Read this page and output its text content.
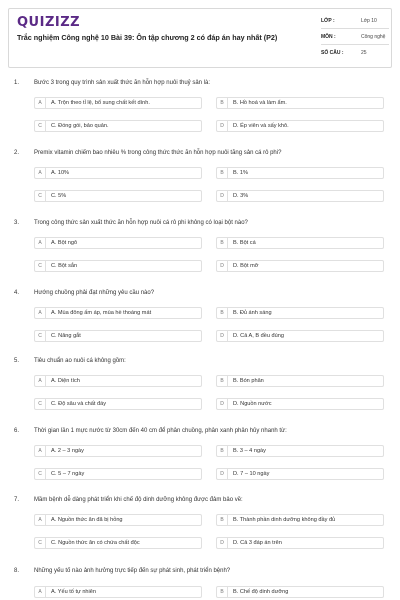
QUIZIZZ
Trắc nghiệm Công nghệ 10 Bài 39: Ôn tập chương 2 có đáp án hay nhất (P2)
LỚP :	Lớp 10
MÔN :	Công nghệ
SỐ CÂU :	25
1. Bước 3 trong quy trình sản xuất thức ăn hỗn hợp nuôi thuỷ sản là:
A	A. Trộn theo tỉ lệ, bổ sung chất kết dính.	B	B. Hồ hoá và làm ẩm.
C	C. Đóng gói, bảo quản.	D	D. Ép viên và sấy khô.
2. Premix vitamin chiếm bao nhiêu % trong công thức thức ăn hỗn hợp nuôi tăng sản cá rô phi?
A	A. 10%	B	B. 1%
C	C. 5%	D	D. 3%
3. Trong công thức sản xuất thức ăn hỗn hợp nuôi cá rô phi không có loại bột nào?
A	A. Bột ngô	B	B. Bột cá
C	C. Bột sắn	D	D. Bột mỡ
4. Hướng chuồng phải đạt những yêu cầu nào?
A	A. Mùa đông ấm áp, mùa hè thoáng mát	B	B. Đủ ánh sáng
C	C. Nâng gắt	D	D. Cả A, B đều đúng
5. Tiêu chuẩn ao nuôi cá không gồm:
A	A. Diện tích	B	B. Bón phân
C	C. Độ sâu và chất đáy	D	D. Nguồn nước
6. Thời gian lần 1 mực nước từ 30cm đến 40 cm để phân chuồng, phân xanh phân hủy nhanh từ:
A	A. 2 – 3 ngày	B	B. 3 – 4 ngày
C	C. 5 – 7 ngày	D	D. 7 – 10 ngày
7. Mầm bệnh dễ dàng phát triển khi chế độ dinh dưỡng không được đảm bảo về:
A	A. Nguồn thức ăn đã bị hỏng	B	B. Thành phần dinh dưỡng không đầy đủ
C	C. Nguồn thức ăn có chứa chất độc	D	D. Cả 3 đáp án trên
8. Những yếu tố nào ảnh hưởng trực tiếp đến sự phát sinh, phát triển bệnh?
A	A. Yếu tố tự nhiên	B	B. Chế độ dinh dưỡng
